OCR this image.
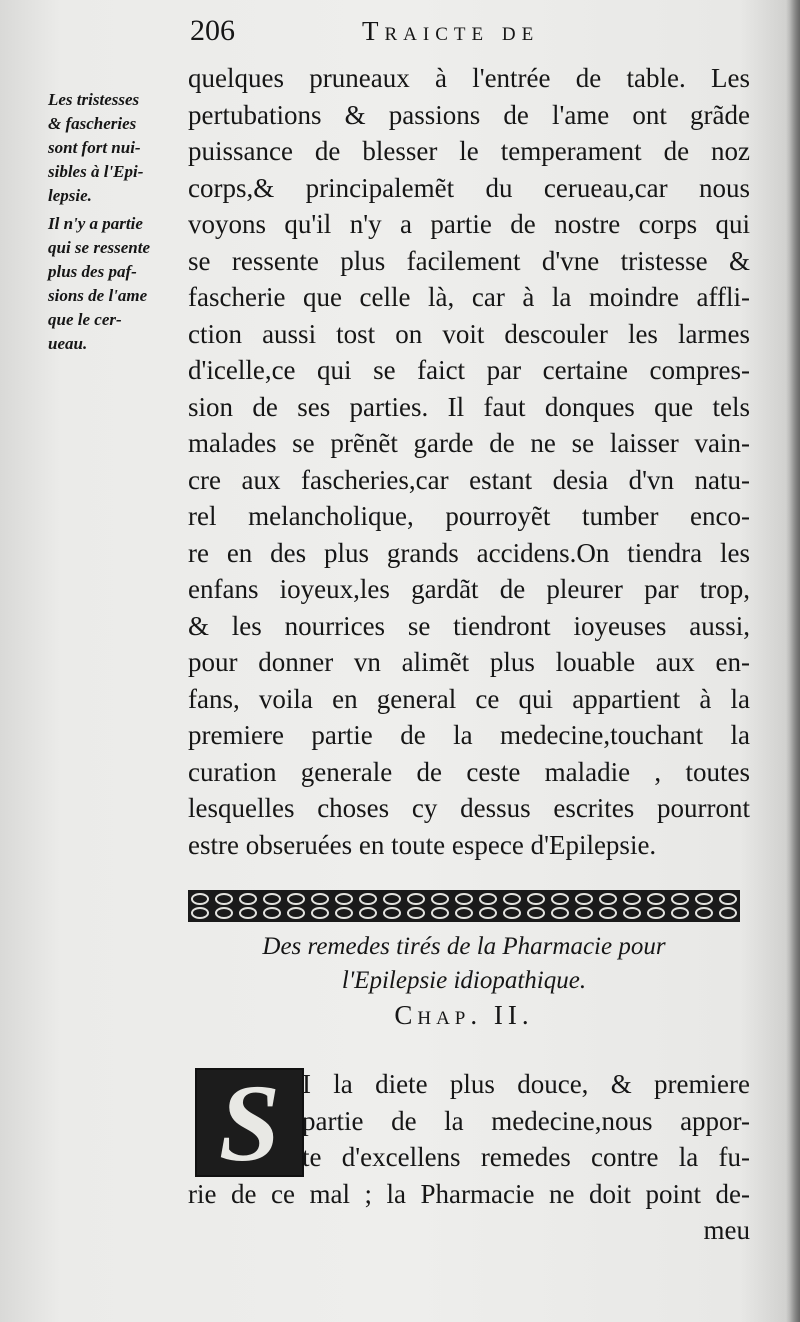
206	Traicte de
Les tristesses
& fascheries
sont fort nui-
sibles à l'Epi-
lepsie.
Il n'y a partie
qui se ressente
plus des paf-
sions de l'ame
que le cer-
ueau.
quelques pruneaux à l'entrée de table. Les
pertubations & passions de l'ame ont grãde
puissance de blesser le temperament de noz
corps,& principalemẽt du cerueau,car nous
voyons qu'il n'y a partie de nostre corps qui
se ressente plus facilement d'vne tristesse &
fascherie que celle là, car à la moindre affli-
ction aussi tost on voit descouler les larmes
d'icelle,ce qui se faict par certaine compres-
sion de ses parties. Il faut donques que tels
malades se prẽnẽt garde de ne se laisser vain-
cre aux fascheries,car estant desia d'vn natu-
rel melancholique, pourroyẽt tumber enco-
re en des plus grands accidens.On tiendra les
enfans ioyeux,les gardãt de pleurer par trop,
& les nourrices se tiendront ioyeuses aussi,
pour donner vn alimẽt plus louable aux en-
fans, voila en general ce qui appartient à la
premiere partie de la medecine,touchant la
curation generale de ceste maladie , toutes
lesquelles choses cy dessus escrites pourront
estre obseruées en toute espece d'Epilepsie.
Des remedes tirés de la Pharmacie pour
l'Epilepsie idiopathique.
Chap. II.
S I la diete plus douce, & premiere
partie de la medecine,nous appor-
te d'excellens remedes contre la fu-
rie de ce mal ; la Pharmacie ne doit point de-
meu
